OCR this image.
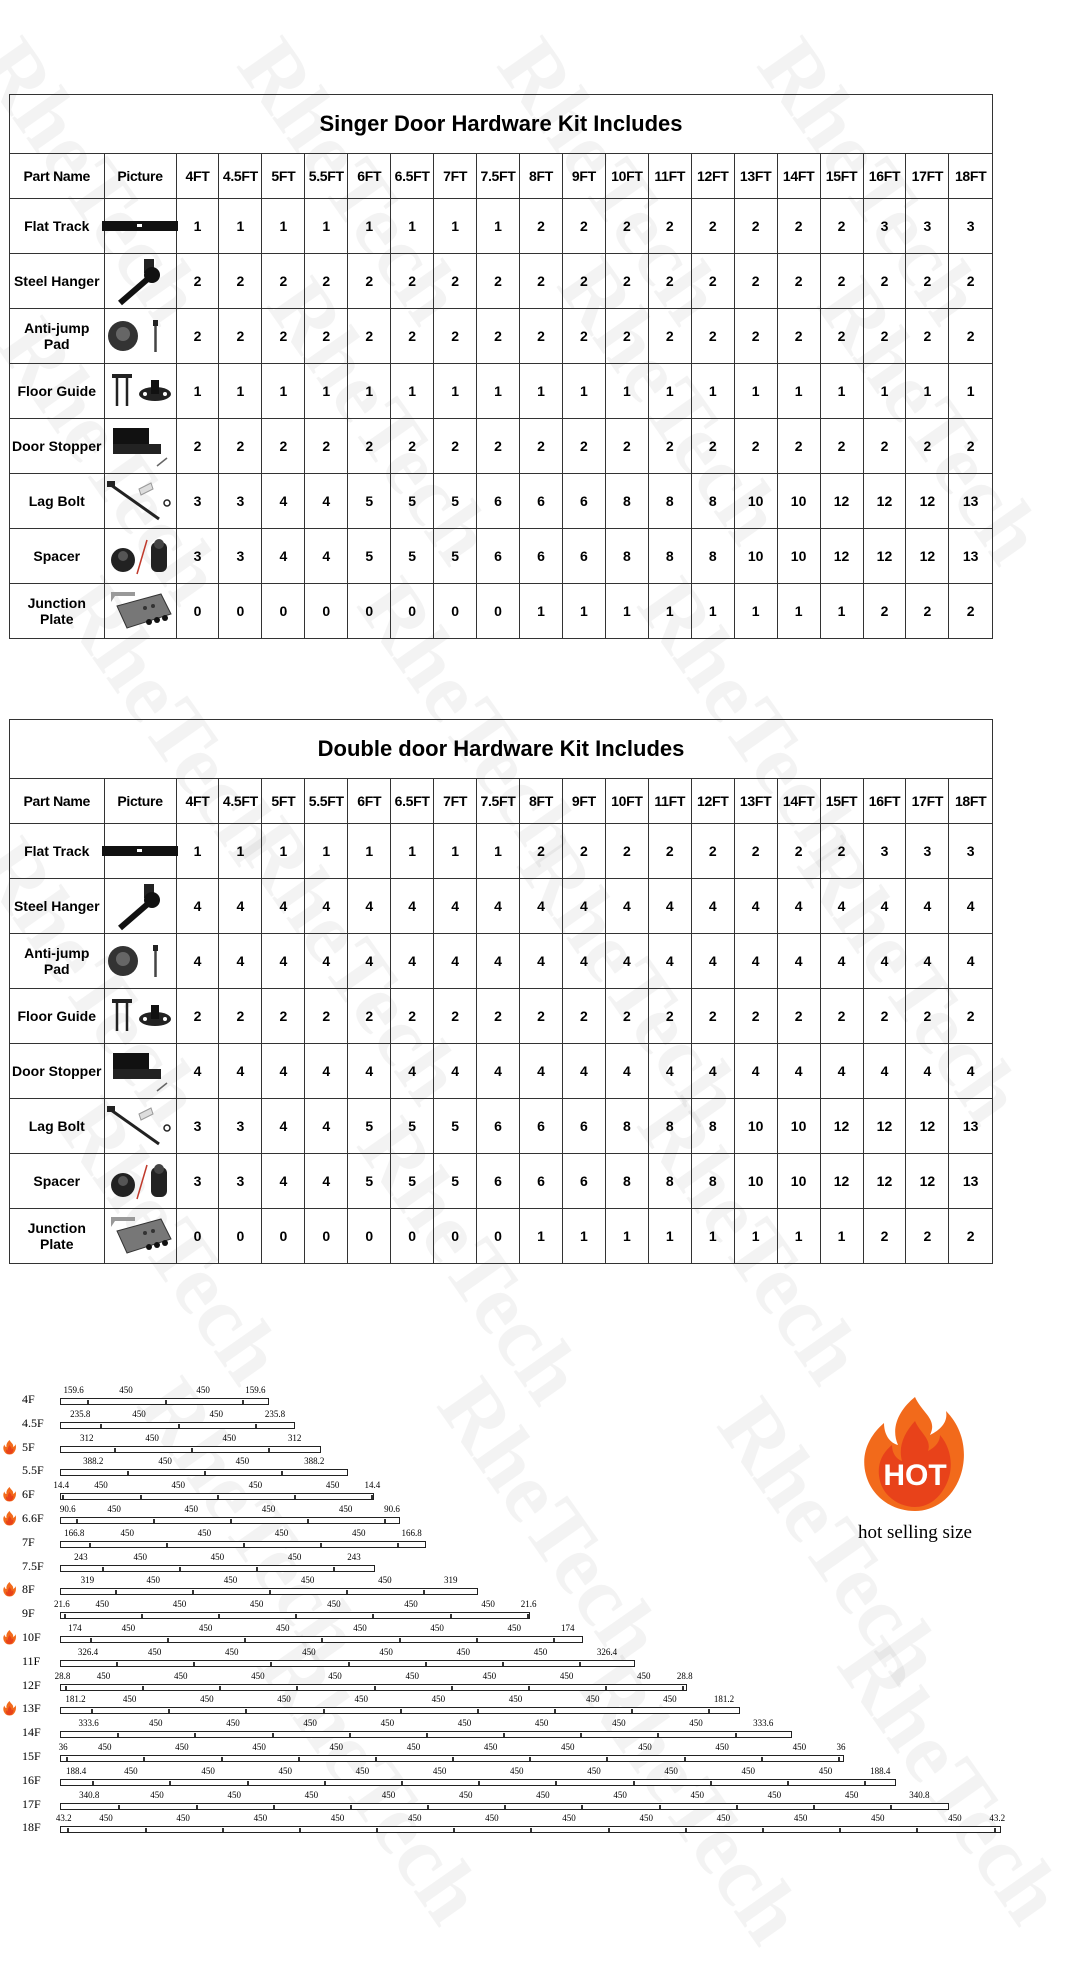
Singer Door Hardware Kit Includes
Part Name	Picture	4FT	4.5FT	5FT	5.5FT	6FT	6.5FT	7FT	7.5FT	8FT	9FT	10FT	11FT	12FT	13FT	14FT	15FT	16FT	17FT	18FT
Flat Track		1	1	1	1	1	1	1	1	2	2	2	2	2	2	2	2	3	3	3
Steel Hanger		2	2	2	2	2	2	2	2	2	2	2	2	2	2	2	2	2	2	2
Anti-jump Pad		2	2	2	2	2	2	2	2	2	2	2	2	2	2	2	2	2	2	2
Floor Guide		1	1	1	1	1	1	1	1	1	1	1	1	1	1	1	1	1	1	1
Door Stopper		2	2	2	2	2	2	2	2	2	2	2	2	2	2	2	2	2	2	2
Lag Bolt		3	3	4	4	5	5	5	6	6	6	8	8	8	10	10	12	12	12	13
Spacer		3	3	4	4	5	5	5	6	6	6	8	8	8	10	10	12	12	12	13
Junction Plate		0	0	0	0	0	0	0	0	1	1	1	1	1	1	1	1	2	2	2
Double door Hardware Kit Includes
Part Name	Picture	4FT	4.5FT	5FT	5.5FT	6FT	6.5FT	7FT	7.5FT	8FT	9FT	10FT	11FT	12FT	13FT	14FT	15FT	16FT	17FT	18FT
Flat Track		1	1	1	1	1	1	1	1	2	2	2	2	2	2	2	2	3	3	3
Steel Hanger		4	4	4	4	4	4	4	4	4	4	4	4	4	4	4	4	4	4	4
Anti-jump Pad		4	4	4	4	4	4	4	4	4	4	4	4	4	4	4	4	4	4	4
Floor Guide		2	2	2	2	2	2	2	2	2	2	2	2	2	2	2	2	2	2	2
Door Stopper		4	4	4	4	4	4	4	4	4	4	4	4	4	4	4	4	4	4	4
Lag Bolt		3	3	4	4	5	5	5	6	6	6	8	8	8	10	10	12	12	12	13
Spacer		3	3	4	4	5	5	5	6	6	6	8	8	8	10	10	12	12	12	13
Junction Plate		0	0	0	0	0	0	0	0	1	1	1	1	1	1	1	1	2	2	2
4F
159.6	450	450	159.6
4.5F
235.8	450	450	235.8
5F
312	450	450	312
5.5F
388.2	450	450	388.2
6F
14.4	450	450	450	450	14.4
6.6F
90.6	450	450	450	450	90.6
7F
166.8	450	450	450	450	166.8
7.5F
243	450	450	450	243
8F
319	450	450	450	450	319
9F
21.6	450	450	450	450	450	450	21.6
10F
174	450	450	450	450	450	450	174
11F
326.4	450	450	450	450	450	450	326.4
12F
28.8	450	450	450	450	450	450	450	450	28.8
13F
181.2	450	450	450	450	450	450	450	450	181.2
14F
333.6	450	450	450	450	450	450	450	450	333.6
15F
36	450	450	450	450	450	450	450	450	450	450	36
16F
188.4	450	450	450	450	450	450	450	450	450	450	188.4
17F
340.8	450	450	450	450	450	450	450	450	450	450	340.8
18F
43.2	450	450	450	450	450	450	450	450	450	450	450	450	43.2
HOT
hot selling size
